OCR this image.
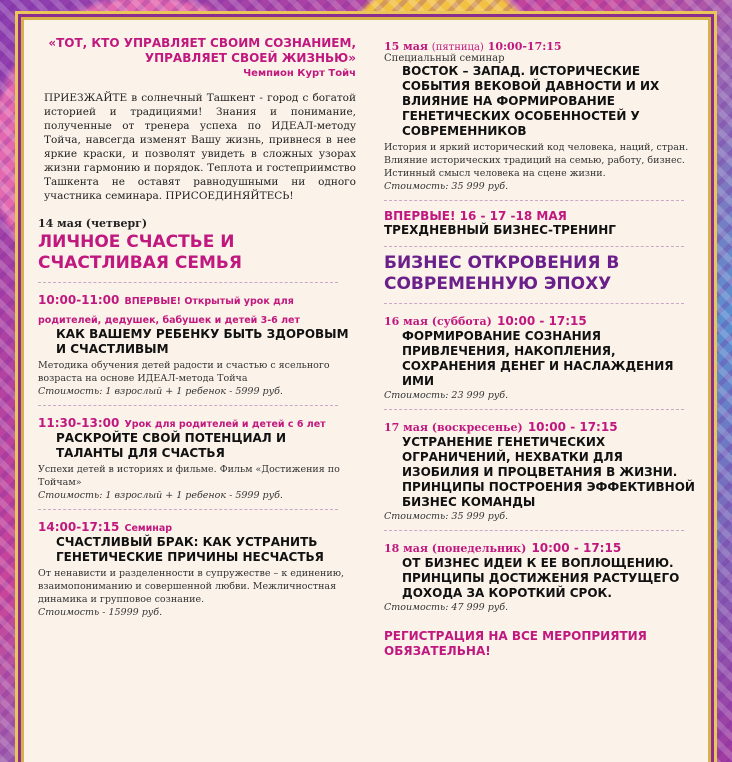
«ТОТ, КТО УПРАВЛЯЕТ СВОИМ СОЗНАНИЕМ, УПРАВЛЯЕТ СВОЕЙ ЖИЗНЬЮ»
Чемпион Курт Тойч
ПРИЕЗЖАЙТЕ в солнечный Ташкент - город с богатой историей и традициями! Знания и понимание, полученные от тренера успеха по ИДЕАЛ-методу Тойча, навсегда изменят Вашу жизнь, привнеся в нее яркие краски, и позволят увидеть в сложных узорах жизни гармонию и порядок. Теплота и гостеприимство Ташкента не оставят равнодушными ни одного участника семинара. ПРИСОЕДИНЯЙТЕСЬ!
14 мая (четверг)
ЛИЧНОЕ СЧАСТЬЕ И СЧАСТЛИВАЯ СЕМЬЯ
10:00-11:00 ВПЕРВЫЕ! Открытый урок для родителей, дедушек, бабушек и детей 3-6 лет
КАК ВАШЕМУ РЕБЕНКУ БЫТЬ ЗДОРОВЫМ И СЧАСТЛИВЫМ
Методика обучения детей радости и счастью с ясельного возраста на основе ИДЕАЛ-метода Тойча
Стоимость: 1 взрослый + 1 ребенок - 5999 руб.
11:30-13:00 Урок для родителей и детей с 6 лет
РАСКРОЙТЕ СВОЙ ПОТЕНЦИАЛ И ТАЛАНТЫ ДЛЯ СЧАСТЬЯ
Успехи детей в историях и фильме. Фильм «Достижения по Тойчам»
Стоимость: 1 взрослый + 1 ребенок - 5999 руб.
14:00-17:15 Семинар
СЧАСТЛИВЫЙ БРАК: КАК УСТРАНИТЬ ГЕНЕТИЧЕСКИЕ ПРИЧИНЫ НЕСЧАСТЬЯ
От ненависти и разделенности в супружестве – к единению, взаимопониманию и совершенной любви. Межличностная динамика и групповое сознание.
Стоимость - 15999 руб.
15 мая (пятница) 10:00-17:15
Специальный семинар
ВОСТОК – ЗАПАД. ИСТОРИЧЕСКИЕ СОБЫТИЯ ВЕКОВОЙ ДАВНОСТИ И ИХ ВЛИЯНИЕ НА ФОРМИРОВАНИЕ ГЕНЕТИЧЕСКИХ ОСОБЕННОСТЕЙ У СОВРЕМЕННИКОВ
История и яркий исторический код человека, наций, стран. Влияние исторических традиций на семью, работу, бизнес. Истинный смысл человека на сцене жизни.
Стоимость: 35 999 руб.
ВПЕРВЫЕ! 16 - 17 -18 МАЯ
ТРЕХДНЕВНЫЙ БИЗНЕС-ТРЕНИНГ
БИЗНЕС ОТКРОВЕНИЯ В СОВРЕМЕННУЮ ЭПОХУ
16 мая (суббота) 10:00 - 17:15
ФОРМИРОВАНИЕ СОЗНАНИЯ ПРИВЛЕЧЕНИЯ, НАКОПЛЕНИЯ, СОХРАНЕНИЯ ДЕНЕГ И НАСЛАЖДЕНИЯ ИМИ
Стоимость: 23 999 руб.
17 мая (воскресенье) 10:00 - 17:15
УСТРАНЕНИЕ ГЕНЕТИЧЕСКИХ ОГРАНИЧЕНИЙ, НЕХВАТКИ ДЛЯ ИЗОБИЛИЯ И ПРОЦВЕТАНИЯ В ЖИЗНИ. ПРИНЦИПЫ ПОСТРОЕНИЯ ЭФФЕКТИВНОЙ БИЗНЕС КОМАНДЫ
Стоимость: 35 999 руб.
18 мая (понедельник) 10:00 - 17:15
ОТ БИЗНЕС ИДЕИ К ЕЕ ВОПЛОЩЕНИЮ. ПРИНЦИПЫ ДОСТИЖЕНИЯ РАСТУЩЕГО ДОХОДА ЗА КОРОТКИЙ СРОК.
Стоимость: 47 999 руб.
РЕГИСТРАЦИЯ НА ВСЕ МЕРОПРИЯТИЯ ОБЯЗАТЕЛЬНА!
